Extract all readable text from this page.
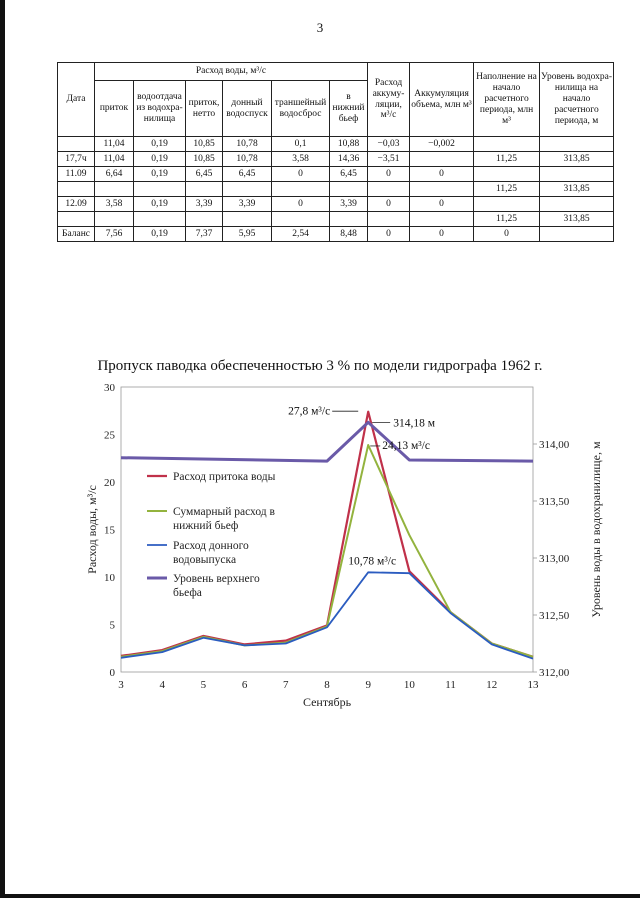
3
Дата	Расход воды, м³/с						Расход аккуму-ляции, м³/с	Аккумуляция объема, млн м³	Наполнение на начало расчетного периода, млн м³	Уровень водохра-нилища на начало расчетного периода, м
	приток	водоотдача из водохра-нилища	приток, нетто	донный водоспуск	траншейный водосброс	в нижний бьеф				
	11,04	0,19	10,85	10,78	0,1	10,88	−0,03	−0,002		
17,7ч	11,04	0,19	10,85	10,78	3,58	14,36	−3,51		11,25	313,85
11.09	6,64	0,19	6,45	6,45	0	6,45	0	0		
									11,25	313,85
12.09	3,58	0,19	3,39	3,39	0	3,39	0	0		
									11,25	313,85
Баланс	7,56	0,19	7,37	5,95	2,54	8,48	0	0	0	
Пропуск паводка обеспеченностью 3 % по модели гидрографа 1962 г.
0
5
10
15
20
25
30
312,00
312,50
313,00
313,50
314,00
3	4	5	6	7	8	9	10	11	12	13
Сентябрь
Расход воды, м³/с	Уровень воды в водохранилище, м
27,8 м³/с
314,18 м
24,13 м³/с
10,78 м³/с
Расход притока воды
Суммарный расход в нижний бьеф
Расход донного водовыпуска
Уровень верхнего бьефа
